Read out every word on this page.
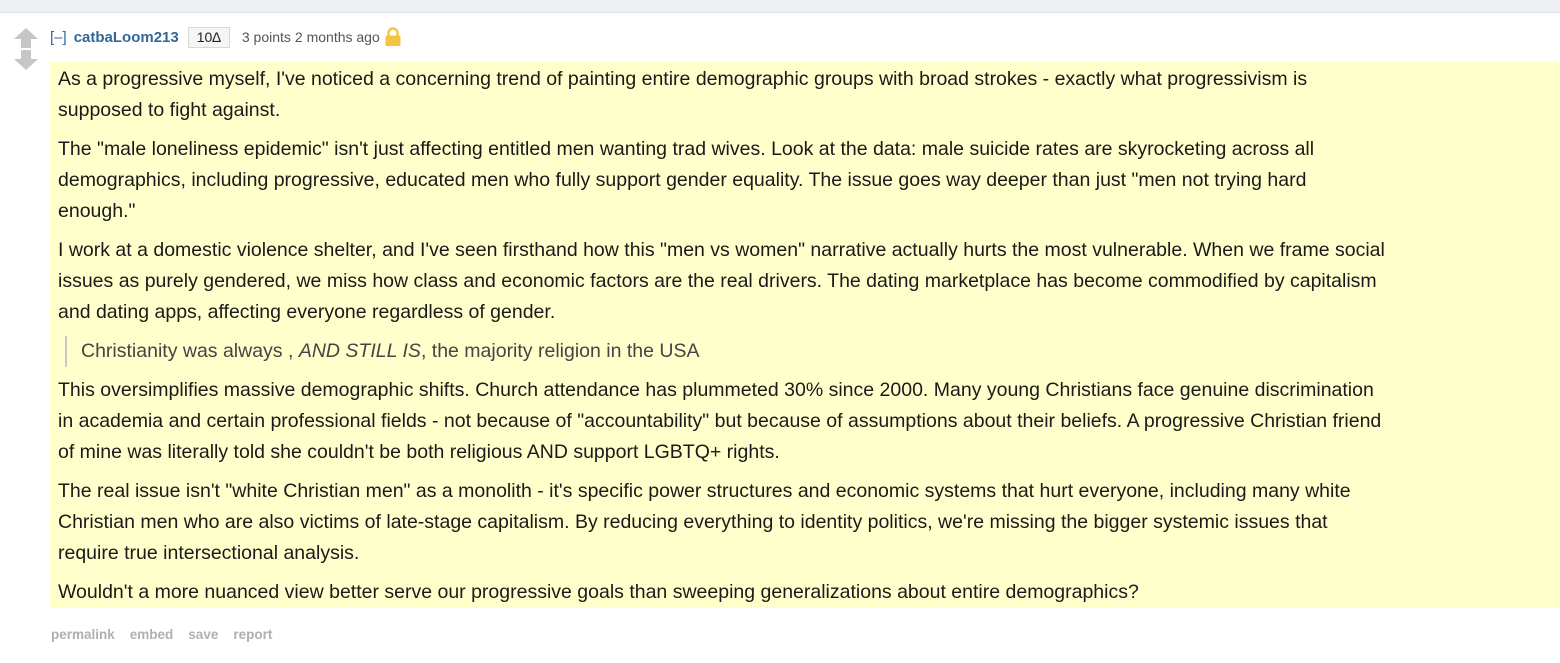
[–] catbaLoom213	10∆	3 points 2 months ago

As a progressive myself, I've noticed a concerning trend of painting entire demographic groups with broad strokes - exactly what progressivism is supposed to fight against.

The "male loneliness epidemic" isn't just affecting entitled men wanting trad wives. Look at the data: male suicide rates are skyrocketing across all demographics, including progressive, educated men who fully support gender equality. The issue goes way deeper than just "men not trying hard enough."

I work at a domestic violence shelter, and I've seen firsthand how this "men vs women" narrative actually hurts the most vulnerable. When we frame social issues as purely gendered, we miss how class and economic factors are the real drivers. The dating marketplace has become commodified by capitalism and dating apps, affecting everyone regardless of gender.

Christianity was always , AND STILL IS, the majority religion in the USA

This oversimplifies massive demographic shifts. Church attendance has plummeted 30% since 2000. Many young Christians face genuine discrimination in academia and certain professional fields - not because of "accountability" but because of assumptions about their beliefs. A progressive Christian friend of mine was literally told she couldn't be both religious AND support LGBTQ+ rights.

The real issue isn't "white Christian men" as a monolith - it's specific power structures and economic systems that hurt everyone, including many white Christian men who are also victims of late-stage capitalism. By reducing everything to identity politics, we're missing the bigger systemic issues that require true intersectional analysis.

Wouldn't a more nuanced view better serve our progressive goals than sweeping generalizations about entire demographics?

permalink embed save report
